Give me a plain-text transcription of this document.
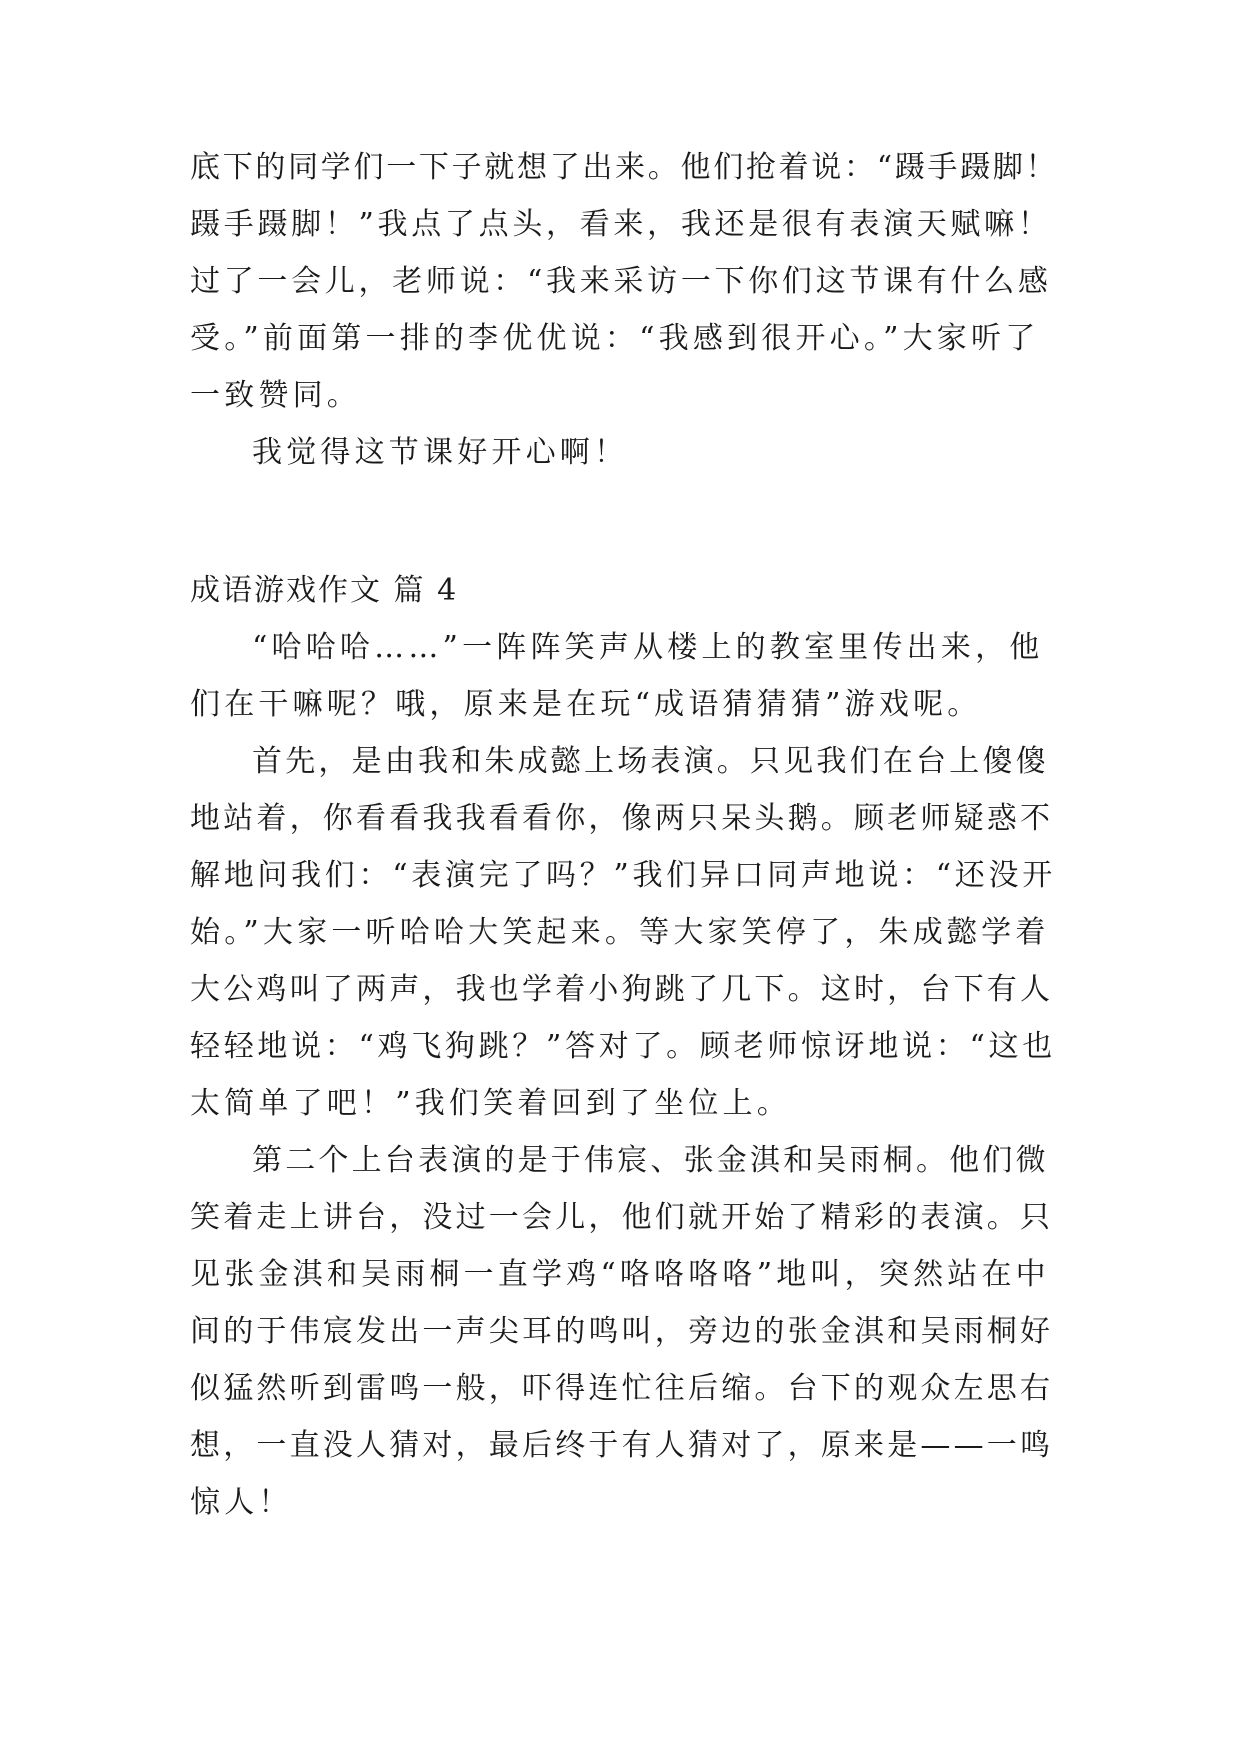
底下的同学们一下子就想了出来。他们抢着说：“蹑手蹑脚！
蹑手蹑脚！”我点了点头，看来，我还是很有表演天赋嘛！
过了一会儿，老师说：“我来采访一下你们这节课有什么感
受。”前面第一排的李优优说：“我感到很开心。”大家听了
一致赞同。
我觉得这节课好开心啊！
成语游戏作文 篇 4
“哈哈哈……”一阵阵笑声从楼上的教室里传出来，他
们在干嘛呢？哦，原来是在玩“成语猜猜猜”游戏呢。
首先，是由我和朱成懿上场表演。只见我们在台上傻傻
地站着，你看看我我看看你，像两只呆头鹅。顾老师疑惑不
解地问我们：“表演完了吗？”我们异口同声地说：“还没开
始。”大家一听哈哈大笑起来。等大家笑停了，朱成懿学着
大公鸡叫了两声，我也学着小狗跳了几下。这时，台下有人
轻轻地说：“鸡飞狗跳？”答对了。顾老师惊讶地说：“这也
太简单了吧！”我们笑着回到了坐位上。
第二个上台表演的是于伟宸、张金淇和吴雨桐。他们微
笑着走上讲台，没过一会儿，他们就开始了精彩的表演。只
见张金淇和吴雨桐一直学鸡“咯咯咯咯”地叫，突然站在中
间的于伟宸发出一声尖耳的鸣叫，旁边的张金淇和吴雨桐好
似猛然听到雷鸣一般，吓得连忙往后缩。台下的观众左思右
想，一直没人猜对，最后终于有人猜对了，原来是——一鸣
惊人！
